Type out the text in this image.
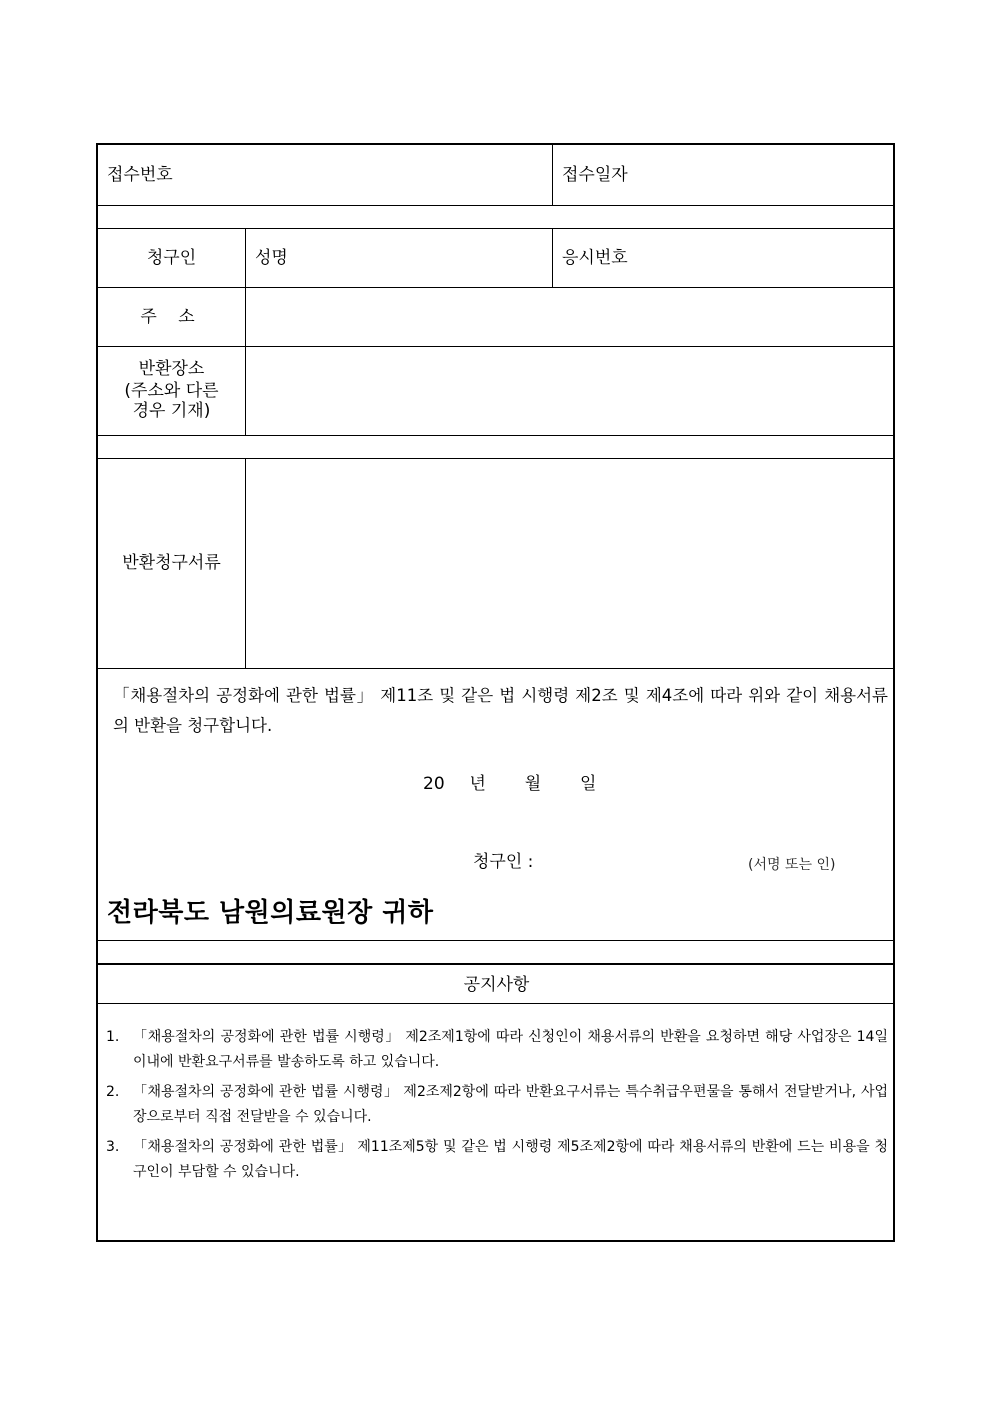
접수번호	접수일자
청구인	성명	응시번호
주 소
반환장소
(주소와 다른
경우 기재)
반환청구서류
「채용절차의 공정화에 관한 법률」 제11조 및 같은 법 시행령 제2조 및 제4조에 따라 위와 같이 채용서류의 반환을 청구합니다.
20 년 월 일
청구인 :	(서명 또는 인)
전라북도 남원의료원장 귀하
공지사항
1. 「채용절차의 공정화에 관한 법률 시행령」 제2조제1항에 따라 신청인이 채용서류의 반환을 요청하면 해당 사업장은 14일 이내에 반환요구서류를 발송하도록 하고 있습니다.
2. 「채용절차의 공정화에 관한 법률 시행령」 제2조제2항에 따라 반환요구서류는 특수취급우편물을 통해서 전달받거나, 사업장으로부터 직접 전달받을 수 있습니다.
3. 「채용절차의 공정화에 관한 법률」 제11조제5항 및 같은 법 시행령 제5조제2항에 따라 채용서류의 반환에 드는 비용을 청구인이 부담할 수 있습니다.
